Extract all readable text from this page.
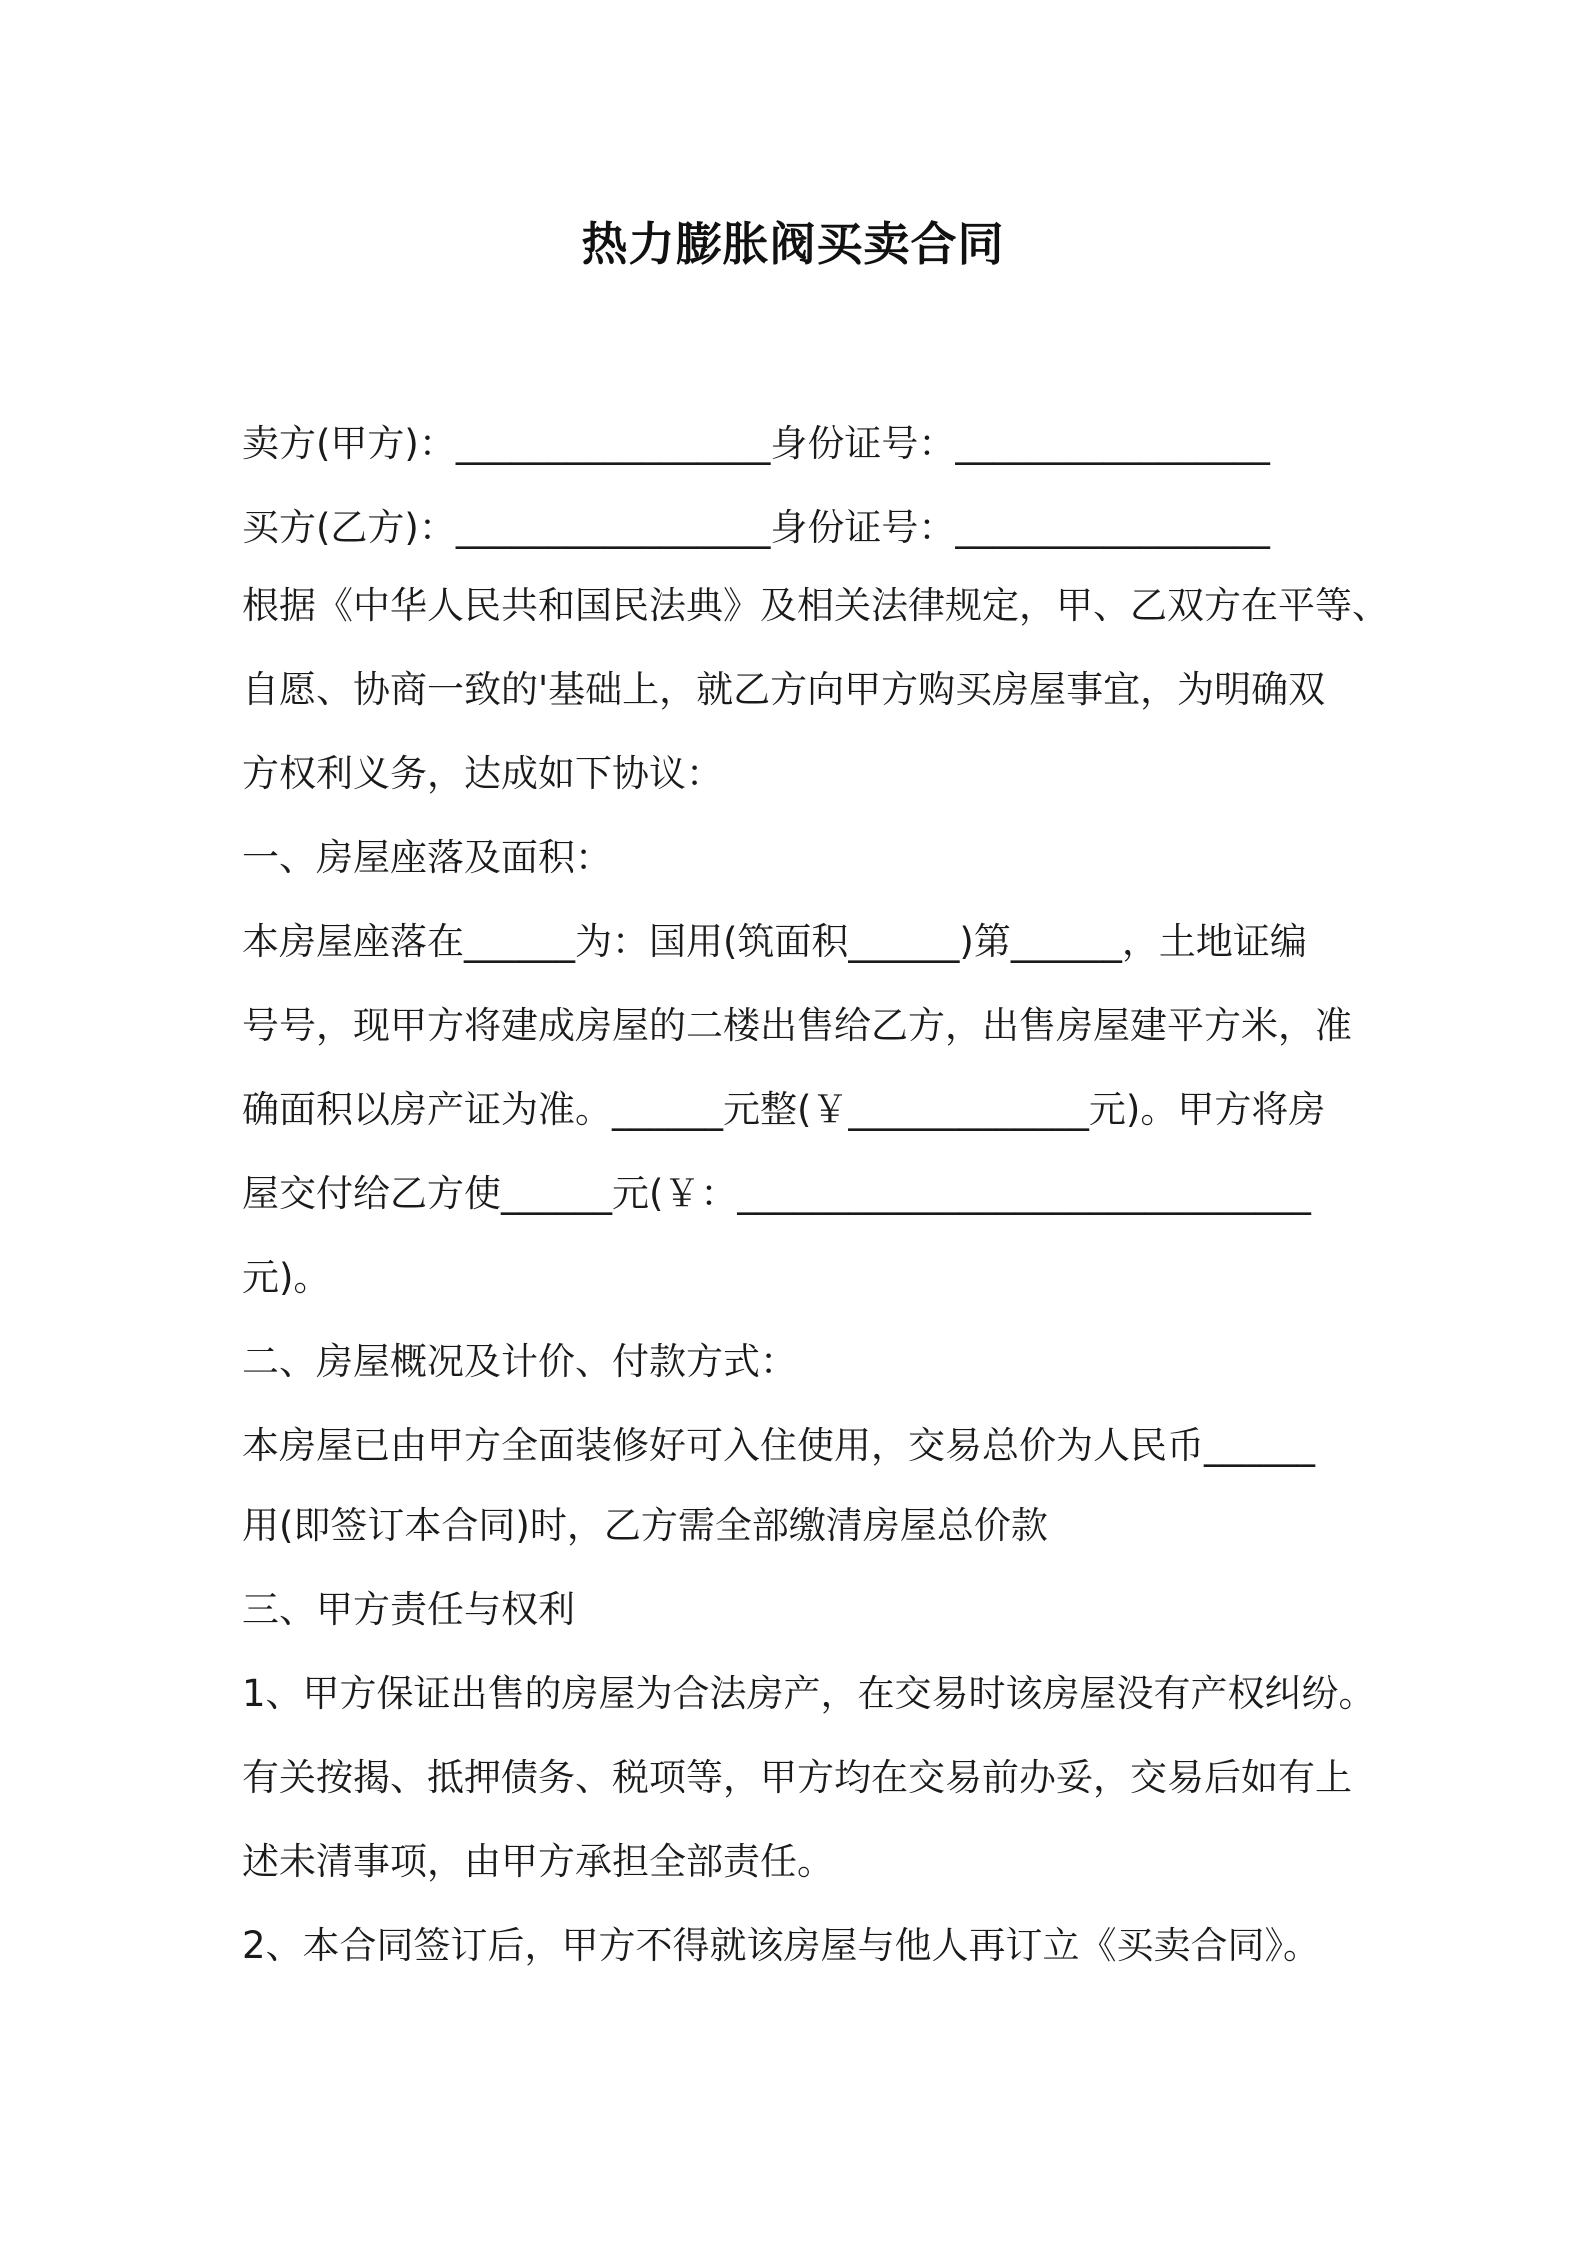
热力膨胀阀买卖合同
卖方(甲方)：_________________身份证号：_________________
买方(乙方)：_________________身份证号：_________________
根据《中华人民共和国民法典》及相关法律规定，甲、乙双方在平等、
自愿、协商一致的'基础上，就乙方向甲方购买房屋事宜，为明确双
方权利义务，达成如下协议：
一、房屋座落及面积：
本房屋座落在______为：国用(筑面积______)第______，土地证编
号号，现甲方将建成房屋的二楼出售给乙方，出售房屋建平方米，准
确面积以房产证为准。______元整(￥_____________元)。甲方将房
屋交付给乙方使______元(￥：_______________________________
元)。
二、房屋概况及计价、付款方式：
本房屋已由甲方全面装修好可入住使用，交易总价为人民币______
用(即签订本合同)时，乙方需全部缴清房屋总价款
三、甲方责任与权利
1、甲方保证出售的房屋为合法房产，在交易时该房屋没有产权纠纷。
有关按揭、抵押债务、税项等，甲方均在交易前办妥，交易后如有上
述未清事项，由甲方承担全部责任。
2、本合同签订后，甲方不得就该房屋与他人再订立《买卖合同》。
